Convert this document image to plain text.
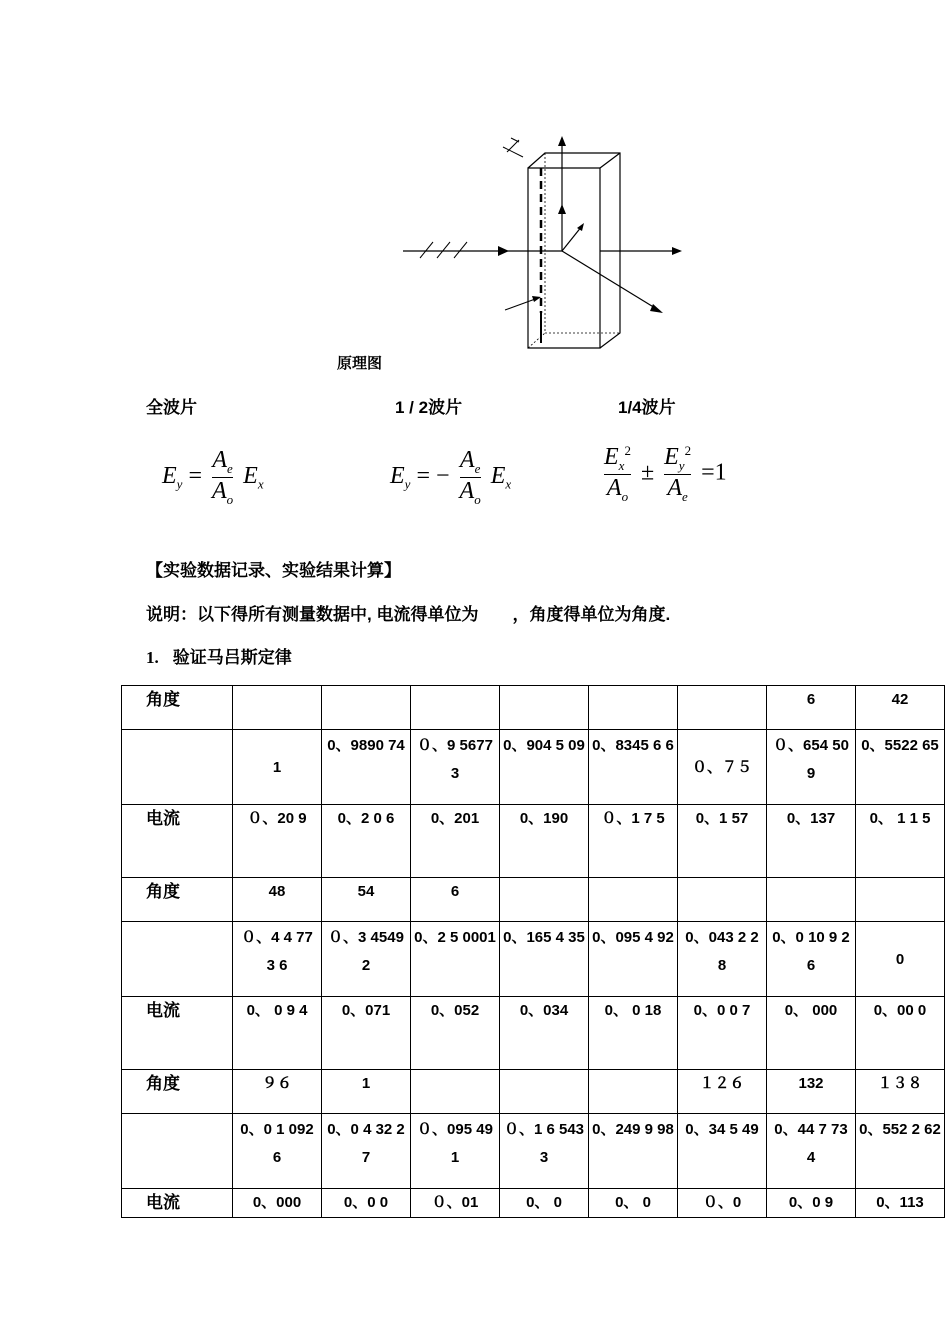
原理图
全波片	1 / 2波片	1/4波片
$E_y = \frac{A_e}{A_o} E_x$	$E_y$ = − $\frac{A_e}{A_o} E_x$	$\frac{E_x^2}{A_o} \pm \frac{E_y^2}{A_e} =1$
【实验数据记录、实验结果计算】
说明：以下得所有测量数据中, 电流得单位为　　，角度得单位为角度.
1. 验证马吕斯定律
角度							6	42
	1	0、9890 74	０、9 56773	0、904 5 09	0、8345 6 6	０、７５	０、654 509	0、5522 65
电流	０、20 9	0、2 0 6	0、201	0、190	０、1 7 5	0、1 57	0、137	0、 1 1 5
角度	48	54	6					
	０、4 4 77 3 6	０、3 4549 2	0、2 5 0001	0、165 4 35	0、095 4 92	0、043 2 2 8	0、0 10 9 2 6	0
电流	0、 0 9 4	0、071	0、052	0、034	0、 0 18	0、0 0 7	0、 000	0、00 0
角度	９６	1				１２６	132	１３８
	0、0 1 092 6	0、0 4 32 2 7	０、095 491	０、1 6 5433	0、249 9 98	0、34 5 49	0、44 7 73 4	0、552 2 62
电流	0、000	0、0 0	０、01	0、 0	0、 0	０、0	0、0 9	0、113
